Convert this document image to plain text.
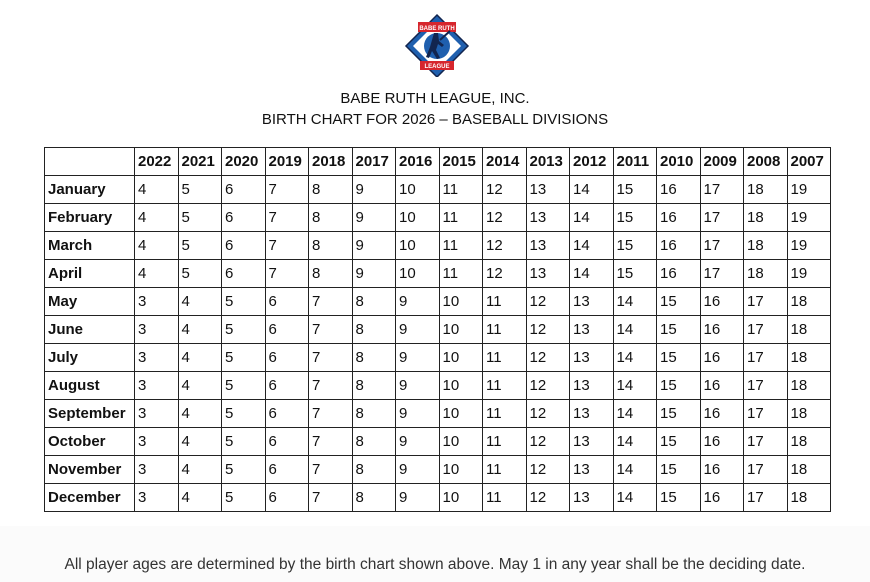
BABE RUTH
LEAGUE
BABE RUTH LEAGUE, INC.
BIRTH CHART FOR 2026 – BASEBALL DIVISIONS
	2022	2021	2020	2019	2018	2017	2016	2015	2014	2013	2012	2011	2010	2009	2008	2007
January	4	5	6	7	8	9	10	11	12	13	14	15	16	17	18	19
February	4	5	6	7	8	9	10	11	12	13	14	15	16	17	18	19
March	4	5	6	7	8	9	10	11	12	13	14	15	16	17	18	19
April	4	5	6	7	8	9	10	11	12	13	14	15	16	17	18	19
May	3	4	5	6	7	8	9	10	11	12	13	14	15	16	17	18
June	3	4	5	6	7	8	9	10	11	12	13	14	15	16	17	18
July	3	4	5	6	7	8	9	10	11	12	13	14	15	16	17	18
August	3	4	5	6	7	8	9	10	11	12	13	14	15	16	17	18
September	3	4	5	6	7	8	9	10	11	12	13	14	15	16	17	18
October	3	4	5	6	7	8	9	10	11	12	13	14	15	16	17	18
November	3	4	5	6	7	8	9	10	11	12	13	14	15	16	17	18
December	3	4	5	6	7	8	9	10	11	12	13	14	15	16	17	18
All player ages are determined by the birth chart shown above. May 1 in any year shall be the deciding date.
